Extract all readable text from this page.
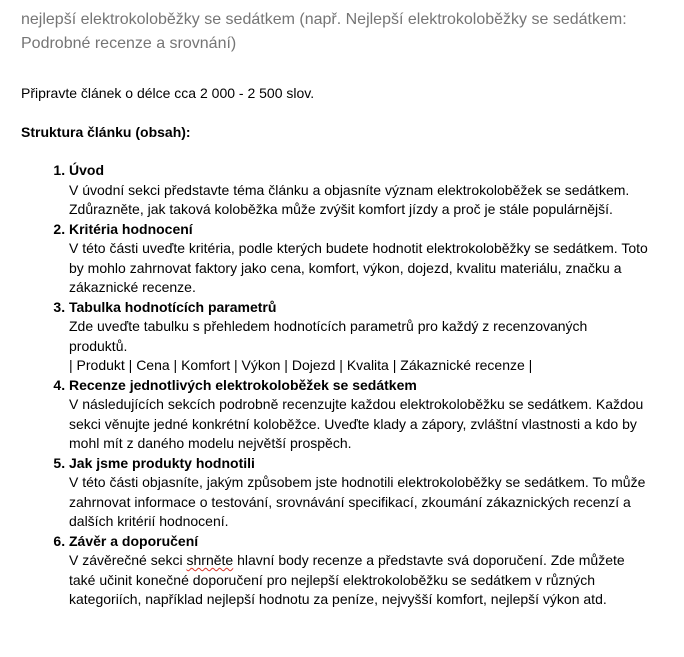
nejlepší elektrokoloběžky se sedátkem (např. Nejlepší elektrokoloběžky se sedátkem: Podrobné recenze a srovnání)

Připravte článek o délce cca 2 000 - 2 500 slov.

Struktura článku (obsah):

1. Úvod
V úvodní sekci představte téma článku a objasníte význam elektrokoloběžek se sedátkem. Zdůrazněte, jak taková koloběžka může zvýšit komfort jízdy a proč je stále populárnější.
2. Kritéria hodnocení
V této části uveďte kritéria, podle kterých budete hodnotit elektrokoloběžky se sedátkem. Toto by mohlo zahrnovat faktory jako cena, komfort, výkon, dojezd, kvalitu materiálu, značku a zákaznické recenze.
3. Tabulka hodnotících parametrů
Zde uveďte tabulku s přehledem hodnotících parametrů pro každý z recenzovaných produktů.
| Produkt | Cena | Komfort | Výkon | Dojezd | Kvalita | Zákaznické recenze |
4. Recenze jednotlivých elektrokoloběžek se sedátkem
V následujících sekcích podrobně recenzujte každou elektrokoloběžku se sedátkem. Každou sekci věnujte jedné konkrétní koloběžce. Uveďte klady a zápory, zvláštní vlastnosti a kdo by mohl mít z daného modelu největší prospěch.
5. Jak jsme produkty hodnotili
V této části objasníte, jakým způsobem jste hodnotili elektrokoloběžky se sedátkem. To může zahrnovat informace o testování, srovnávání specifikací, zkoumání zákaznických recenzí a dalších kritérií hodnocení.
6. Závěr a doporučení
V závěrečné sekci shrněte hlavní body recenze a představte svá doporučení. Zde můžete také učinit konečné doporučení pro nejlepší elektrokoloběžku se sedátkem v různých kategoriích, například nejlepší hodnotu za peníze, nejvyšší komfort, nejlepší výkon atd.
